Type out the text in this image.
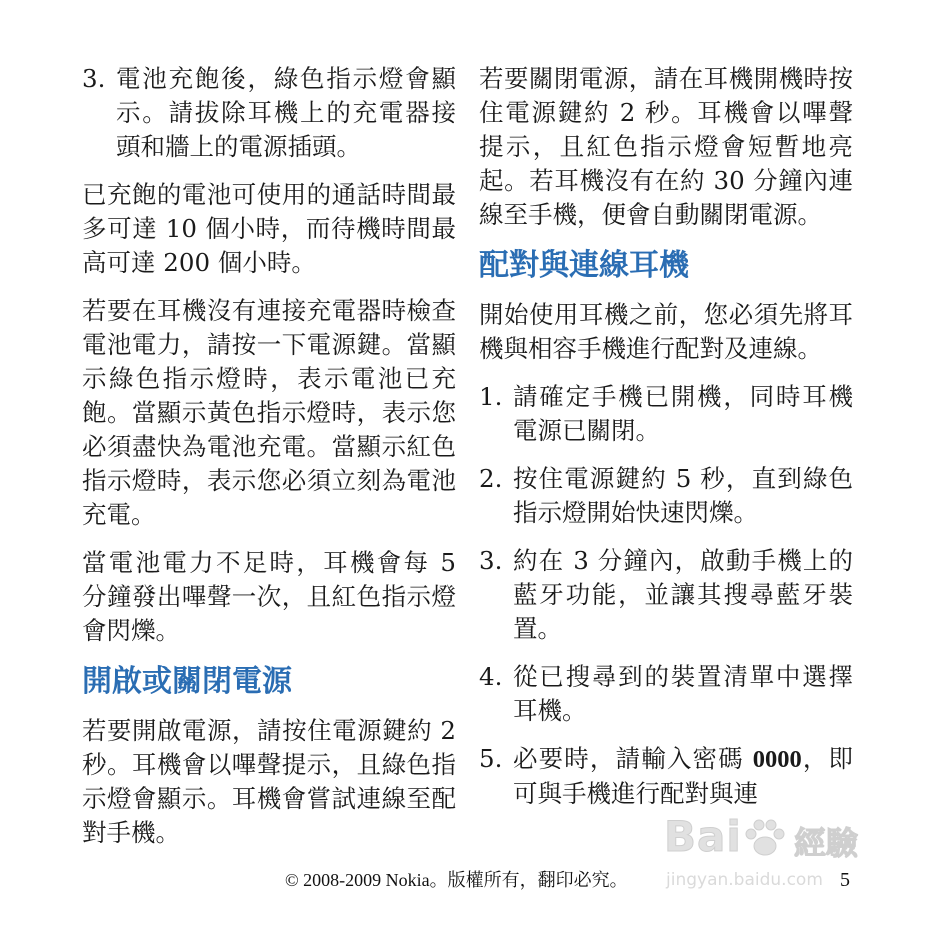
3. 電池充飽後，綠色指示燈會顯示。請拔除耳機上的充電器接頭和牆上的電源插頭。

已充飽的電池可使用的通話時間最多可達 10 個小時，而待機時間最高可達 200 個小時。

若要在耳機沒有連接充電器時檢查電池電力，請按一下電源鍵。當顯示綠色指示燈時，表示電池已充飽。當顯示黃色指示燈時，表示您必須盡快為電池充電。當顯示紅色指示燈時，表示您必須立刻為電池充電。

當電池電力不足時，耳機會每 5 分鐘發出嗶聲一次，且紅色指示燈會閃爍。

開啟或關閉電源

若要開啟電源，請按住電源鍵約 2 秒。耳機會以嗶聲提示，且綠色指示燈會顯示。耳機會嘗試連線至配對手機。

若要關閉電源，請在耳機開機時按住電源鍵約 2 秒。耳機會以嗶聲提示，且紅色指示燈會短暫地亮起。若耳機沒有在約 30 分鐘內連線至手機，便會自動關閉電源。

配對與連線耳機

開始使用耳機之前，您必須先將耳機與相容手機進行配對及連線。

1. 請確定手機已開機，同時耳機電源已關閉。
2. 按住電源鍵約 5 秒，直到綠色指示燈開始快速閃爍。
3. 約在 3 分鐘內，啟動手機上的藍牙功能，並讓其搜尋藍牙裝置。
4. 從已搜尋到的裝置清單中選擇耳機。
5. 必要時，請輸入密碼 0000，即可與手機進行配對與連
Bai 經驗
jingyan.baidu.com
© 2008-2009 Nokia。版權所有，翻印必究。	5
